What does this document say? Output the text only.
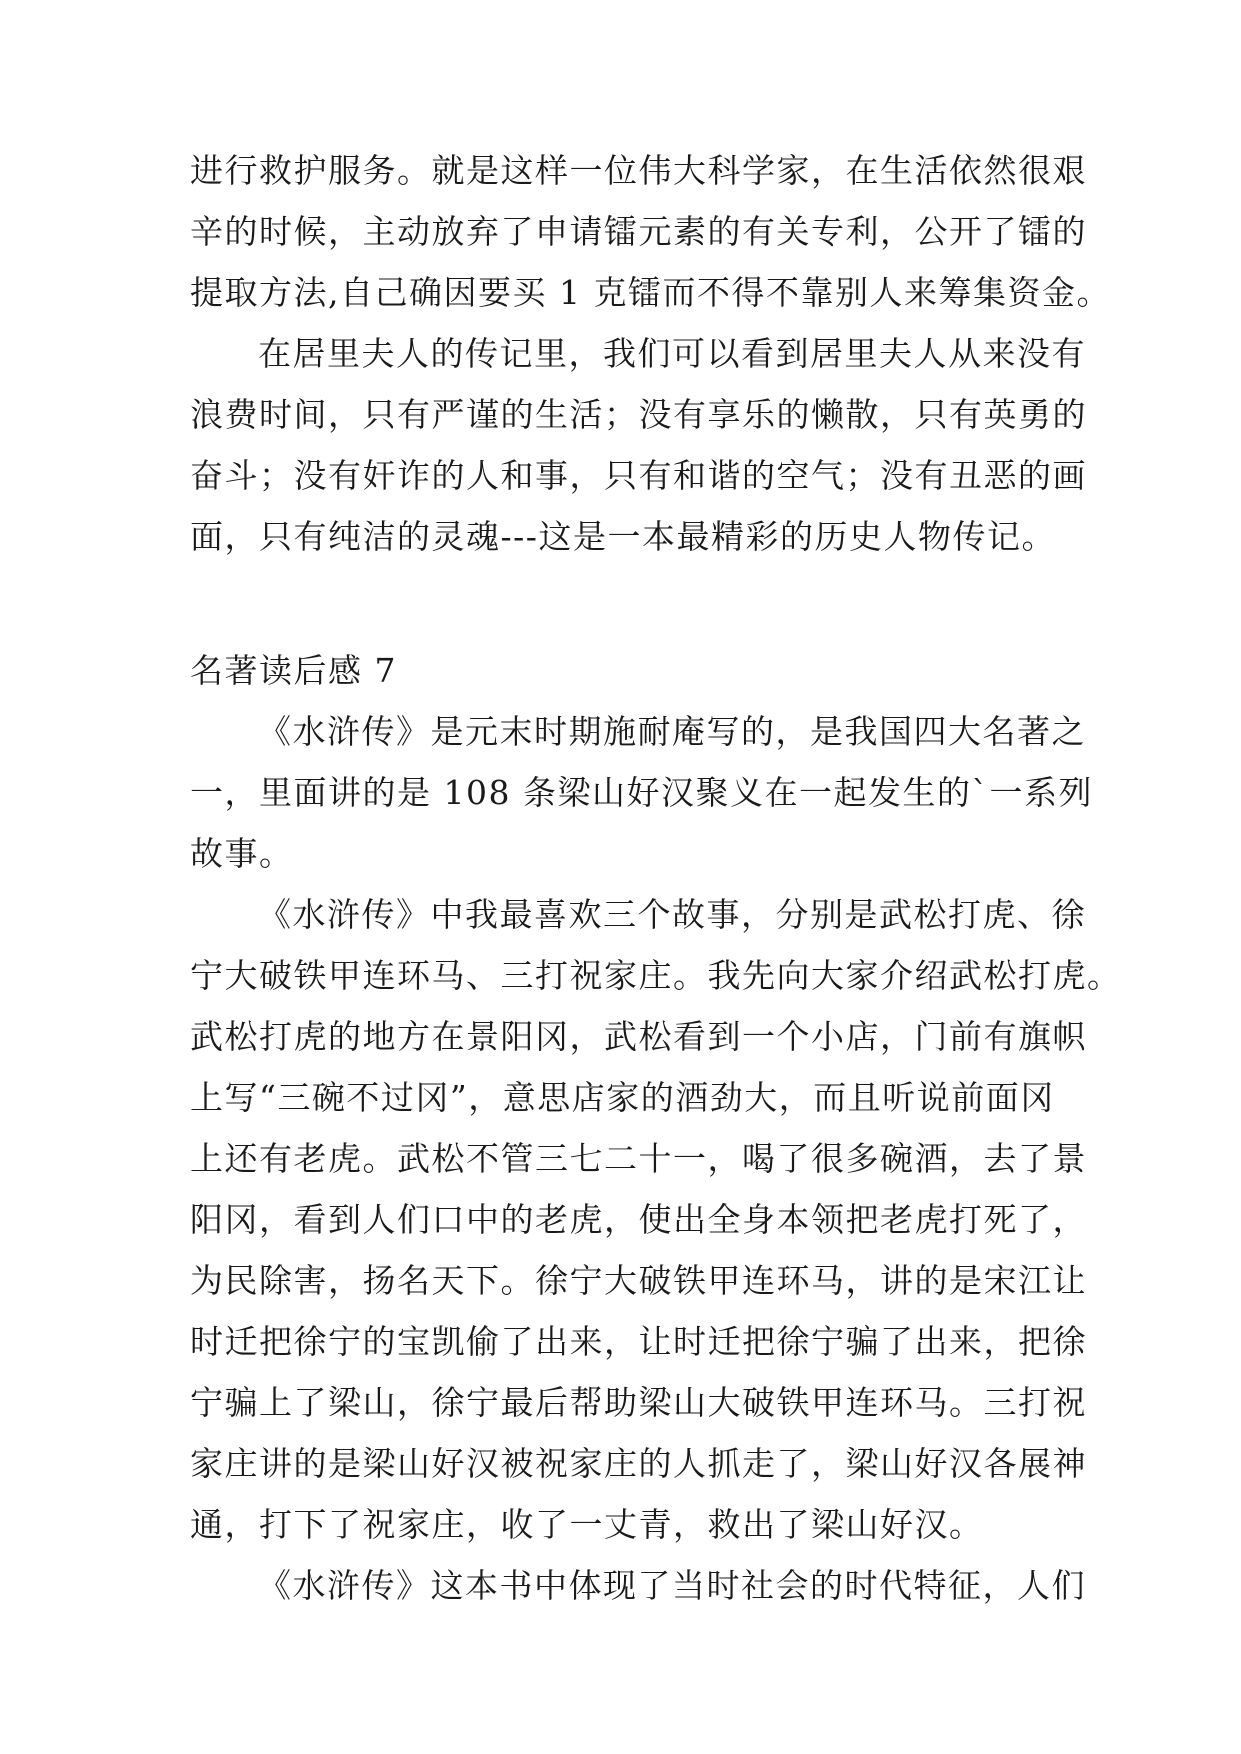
进行救护服务。就是这样一位伟大科学家，在生活依然很艰
辛的时候，主动放弃了申请镭元素的有关专利，公开了镭的
提取方法,自己确因要买 1 克镭而不得不靠别人来筹集资金。
在居里夫人的传记里，我们可以看到居里夫人从来没有
浪费时间，只有严谨的生活；没有享乐的懒散，只有英勇的
奋斗；没有奸诈的人和事，只有和谐的空气；没有丑恶的画
面，只有纯洁的灵魂---这是一本最精彩的历史人物传记。
名著读后感 7
《水浒传》是元末时期施耐庵写的，是我国四大名著之
一，里面讲的是 108 条梁山好汉聚义在一起发生的`一系列
故事。
《水浒传》中我最喜欢三个故事，分别是武松打虎、徐
宁大破铁甲连环马、三打祝家庄。我先向大家介绍武松打虎。
武松打虎的地方在景阳冈，武松看到一个小店，门前有旗帜
上写“三碗不过冈”，意思店家的酒劲大，而且听说前面冈
上还有老虎。武松不管三七二十一，喝了很多碗酒，去了景
阳冈，看到人们口中的老虎，使出全身本领把老虎打死了，
为民除害，扬名天下。徐宁大破铁甲连环马，讲的是宋江让
时迁把徐宁的宝凯偷了出来，让时迁把徐宁骗了出来，把徐
宁骗上了梁山，徐宁最后帮助梁山大破铁甲连环马。三打祝
家庄讲的是梁山好汉被祝家庄的人抓走了，梁山好汉各展神
通，打下了祝家庄，收了一丈青，救出了梁山好汉。
《水浒传》这本书中体现了当时社会的时代特征，人们
